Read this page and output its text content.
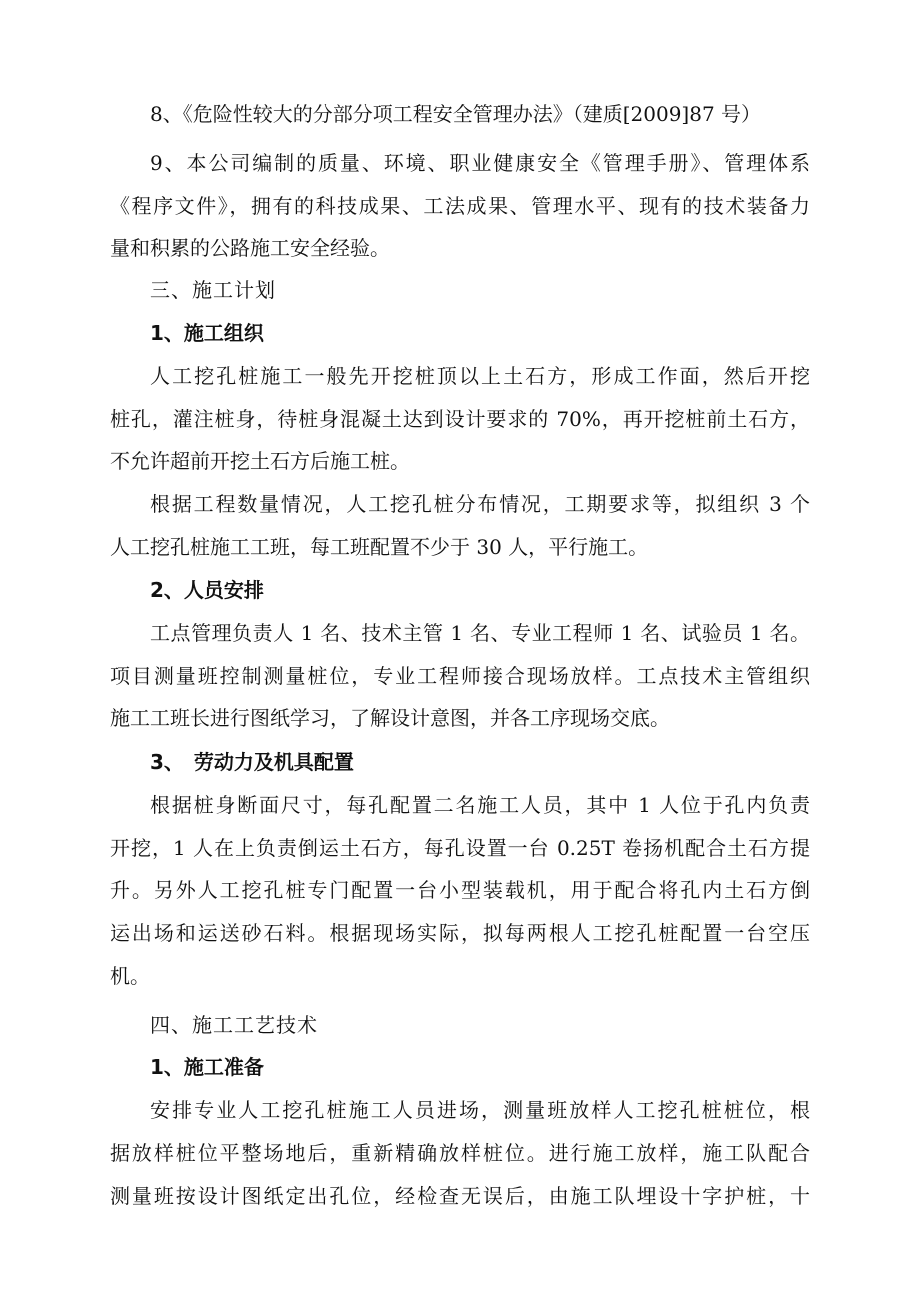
8、《危险性较大的分部分项工程安全管理办法》（建质[2009]87 号）
9、本公司编制的质量、环境、职业健康安全《管理手册》、管理体系
《程序文件》，拥有的科技成果、工法成果、管理水平、现有的技术装备力
量和积累的公路施工安全经验。
三、施工计划
1、施工组织
人工挖孔桩施工一般先开挖桩顶以上土石方，形成工作面，然后开挖
桩孔，灌注桩身，待桩身混凝土达到设计要求的 70%，再开挖桩前土石方，
不允许超前开挖土石方后施工桩。
根据工程数量情况，人工挖孔桩分布情况，工期要求等，拟组织 3 个
人工挖孔桩施工工班，每工班配置不少于 30 人，平行施工。
2、人员安排
工点管理负责人 1 名、技术主管 1 名、专业工程师 1 名、试验员 1 名。
项目测量班控制测量桩位，专业工程师接合现场放样。工点技术主管组织
施工工班长进行图纸学习，了解设计意图，并各工序现场交底。
3、　劳动力及机具配置
根据桩身断面尺寸，每孔配置二名施工人员，其中 1 人位于孔内负责
开挖，1 人在上负责倒运土石方，每孔设置一台 0.25T 卷扬机配合土石方提
升。另外人工挖孔桩专门配置一台小型装载机，用于配合将孔内土石方倒
运出场和运送砂石料。根据现场实际，拟每两根人工挖孔桩配置一台空压
机。
四、施工工艺技术
1、施工准备
安排专业人工挖孔桩施工人员进场，测量班放样人工挖孔桩桩位，根
据放样桩位平整场地后，重新精确放样桩位。进行施工放样，施工队配合
测量班按设计图纸定出孔位，经检查无误后，由施工队埋设十字护桩，十
